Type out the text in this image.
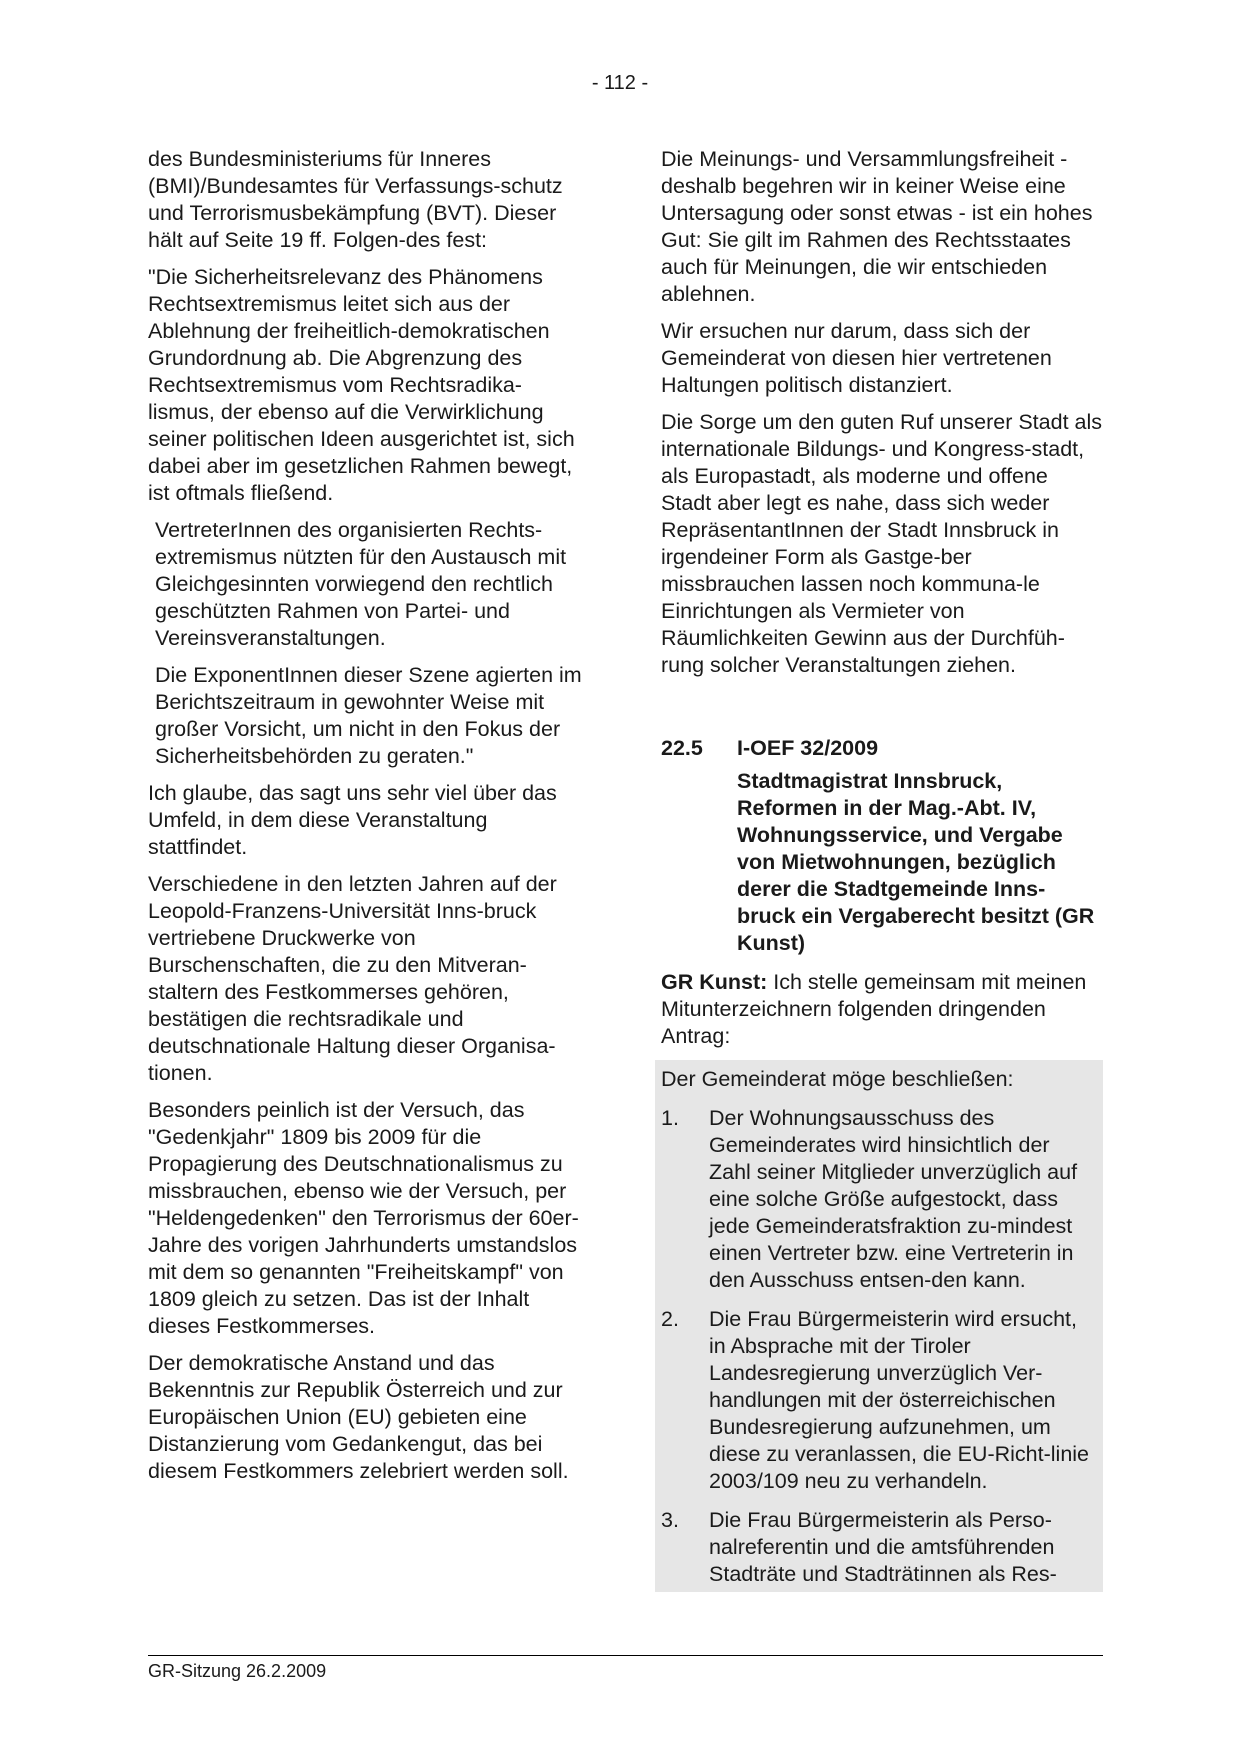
- 112 -

des Bundesministeriums für Inneres (BMI)/Bundesamtes für Verfassungs-schutz und Terrorismusbekämpfung (BVT). Dieser hält auf Seite 19 ff. Folgen-des fest:

"Die Sicherheitsrelevanz des Phänomens Rechtsextremismus leitet sich aus der Ablehnung der freiheitlich-demokratischen Grundordnung ab. Die Abgrenzung des Rechtsextremismus vom Rechtsradika-lismus, der ebenso auf die Verwirklichung seiner politischen Ideen ausgerichtet ist, sich dabei aber im gesetzlichen Rahmen bewegt, ist oftmals fließend.

VertreterInnen des organisierten Rechts-extremismus nützten für den Austausch mit Gleichgesinnten vorwiegend den rechtlich geschützten Rahmen von Partei- und Vereinsveranstaltungen.

Die ExponentInnen dieser Szene agierten im Berichtszeitraum in gewohnter Weise mit großer Vorsicht, um nicht in den Fokus der Sicherheitsbehörden zu geraten."

Ich glaube, das sagt uns sehr viel über das Umfeld, in dem diese Veranstaltung stattfindet.

Verschiedene in den letzten Jahren auf der Leopold-Franzens-Universität Inns-bruck vertriebene Druckwerke von Burschenschaften, die zu den Mitveran-staltern des Festkommerses gehören, bestätigen die rechtsradikale und deutschnationale Haltung dieser Organisa-tionen.

Besonders peinlich ist der Versuch, das "Gedenkjahr" 1809 bis 2009 für die Propagierung des Deutschnationalismus zu missbrauchen, ebenso wie der Versuch, per "Heldengedenken" den Terrorismus der 60er-Jahre des vorigen Jahrhunderts umstandslos mit dem so genannten "Freiheitskampf" von 1809 gleich zu setzen. Das ist der Inhalt dieses Festkommerses.

Der demokratische Anstand und das Bekenntnis zur Republik Österreich und zur Europäischen Union (EU) gebieten eine Distanzierung vom Gedankengut, das bei diesem Festkommers zelebriert werden soll.

Die Meinungs- und Versammlungsfreiheit - deshalb begehren wir in keiner Weise eine Untersagung oder sonst etwas - ist ein hohes Gut: Sie gilt im Rahmen des Rechtsstaates auch für Meinungen, die wir entschieden ablehnen.

Wir ersuchen nur darum, dass sich der Gemeinderat von diesen hier vertretenen Haltungen politisch distanziert.

Die Sorge um den guten Ruf unserer Stadt als internationale Bildungs- und Kongress-stadt, als Europastadt, als moderne und offene Stadt aber legt es nahe, dass sich weder RepräsentantInnen der Stadt Innsbruck in irgendeiner Form als Gastge-ber missbrauchen lassen noch kommuna-le Einrichtungen als Vermieter von Räumlichkeiten Gewinn aus der Durchfüh-rung solcher Veranstaltungen ziehen.

22.5	I-OEF 32/2009
Stadtmagistrat Innsbruck, Reformen in der Mag.-Abt. IV, Wohnungsservice, und Vergabe von Mietwohnungen, bezüglich derer die Stadtgemeinde Inns-bruck ein Vergaberecht besitzt (GR Kunst)

GR Kunst: Ich stelle gemeinsam mit meinen Mitunterzeichnern folgenden dringenden Antrag:

Der Gemeinderat möge beschließen:

1.	Der Wohnungsausschuss des Gemeinderates wird hinsichtlich der Zahl seiner Mitglieder unverzüglich auf eine solche Größe aufgestockt, dass jede Gemeinderatsfraktion zu-mindest einen Vertreter bzw. eine Vertreterin in den Ausschuss entsen-den kann.
2.	Die Frau Bürgermeisterin wird ersucht, in Absprache mit der Tiroler Landesregierung unverzüglich Ver-handlungen mit der österreichischen Bundesregierung aufzunehmen, um diese zu veranlassen, die EU-Richt-linie 2003/109 neu zu verhandeln.
3.	Die Frau Bürgermeisterin als Perso-nalreferentin und die amtsführenden Stadträte und Stadträtinnen als Res-
GR-Sitzung 26.2.2009
